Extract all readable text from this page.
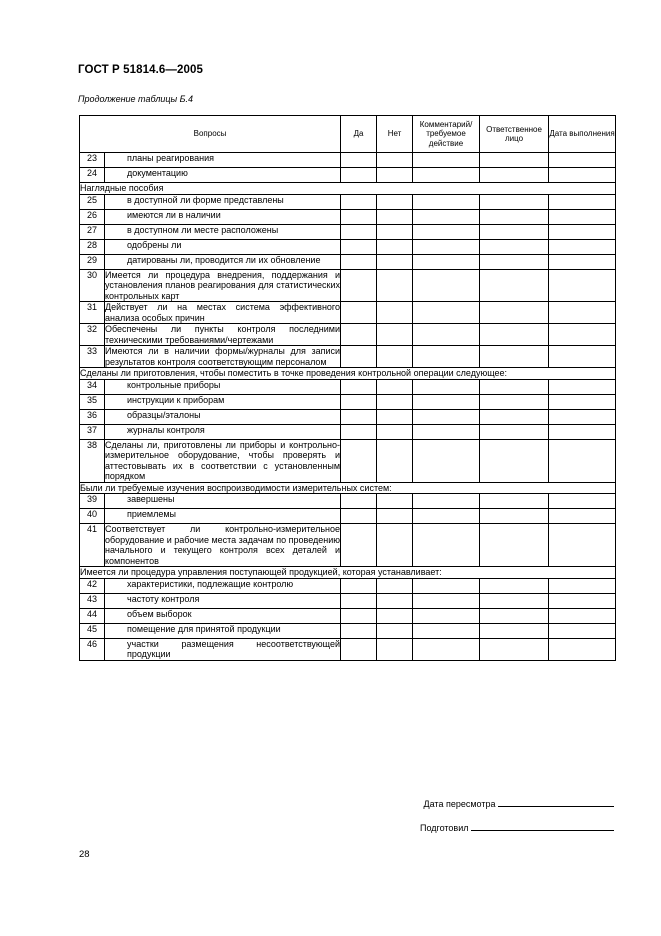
ГОСТ Р 51814.6—2005
Продолжение таблицы Б.4
Вопросы		Да	Нет	Комментарий/ требуемое действие	Ответственное лицо	Дата выполнения
23	планы реагирования					
24	документацию					
Наглядные пособия						
25	в доступной ли форме представлены					
26	имеются ли в наличии					
27	в доступном ли месте расположены					
28	одобрены ли					
29	датированы ли, проводится ли их обновление					
30	Имеется ли процедура внедрения, поддержания и установления планов реагирования для статистических контрольных карт					
31	Действует ли на местах система эффективного анализа особых причин					
32	Обеспечены ли пункты контроля последними техническими требованиями/чертежами					
33	Имеются ли в наличии формы/журналы для записи результатов контроля соответствующим персоналом					
Сделаны ли приготовления, чтобы поместить в точке проведения контрольной операции следующее:						
34	контрольные приборы					
35	инструкции к приборам					
36	образцы/эталоны					
37	журналы контроля					
38	Сделаны ли, приготовлены ли приборы и контрольно-измерительное оборудование, чтобы проверять и аттестовывать их в соответствии с установленным порядком					
Были ли требуемые изучения воспроизводимости измерительных систем:						
39	завершены					
40	приемлемы					
41	Соответствует ли контрольно-измерительное оборудование и рабочие места задачам по проведению начального и текущего контроля всех деталей и компонентов					
Имеется ли процедура управления поступающей продукцией, которая устанавливает:						
42	характеристики, подлежащие контролю					
43	частоту контроля					
44	объем выборок					
45	помещение для принятой продукции					
46	участки размещения несоответствующей продукции					
Дата пересмотра
Подготовил
28
